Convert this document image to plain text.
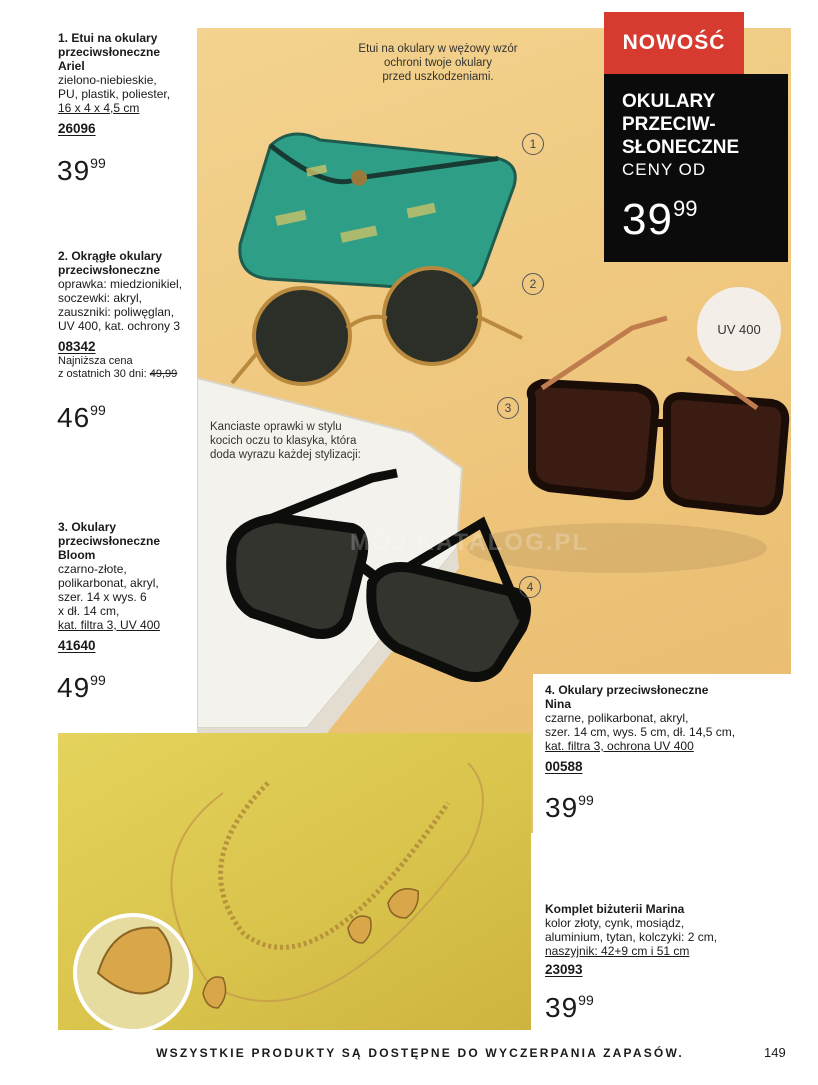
NOWOŚĆ
OKULARY
PRZECIW-
SŁONECZNE
CENY OD
$39^{99}$
UV 400
1
2
3
4
Etui na okulary w wężowy wzór
ochroni twoje okulary
przed uszkodzeniami.
Kanciaste oprawki w stylu
kocich oczu to klasyka, która
doda wyrazu każdej stylizacji:
MÓJ KATALOG.PL
1. Etui na okulary
przeciwsłoneczne
Ariel
zielono-niebieskie,
PU, plastik, poliester,
16 x 4 x 4,5 cm
26096
$39^{99}$
2. Okrągłe okulary
przeciwsłoneczne
oprawka: miedzionikiel,
soczewki: akryl,
zauszniki: poliwęglan,
UV 400, kat. ochrony 3
08342
Najniższa cena
z ostatnich 30 dni: 49,99
$46^{99}$
3. Okulary
przeciwsłoneczne
Bloom
czarno-złote,
polikarbonat, akryl,
szer. 14 x wys. 6
x dł. 14 cm,
kat. filtra 3, UV 400
41640
$49^{99}$
4. Okulary przeciwsłoneczne
Nina
czarne, polikarbonat, akryl,
szer. 14 cm, wys. 5 cm, dł. 14,5 cm,
kat. filtra 3, ochrona UV 400
00588
$39^{99}$
Komplet biżuterii Marina
kolor złoty, cynk, mosiądz,
aluminium, tytan, kolczyki: 2 cm,
naszyjnik: 42+9 cm i 51 cm
23093
$39^{99}$
WSZYSTKIE PRODUKTY SĄ DOSTĘPNE DO WYCZERPANIA ZAPASÓW.	149
